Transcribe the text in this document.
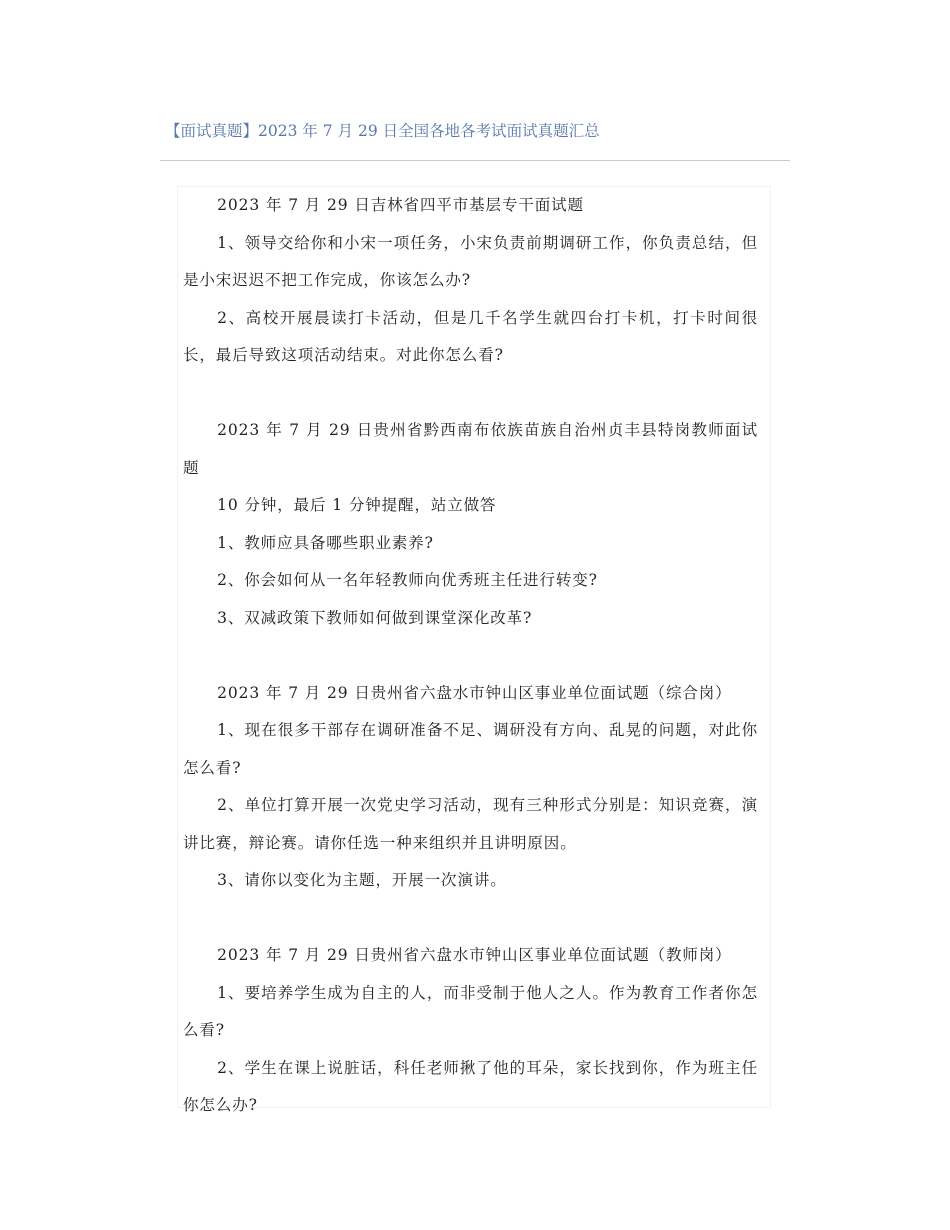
【面试真题】2023 年 7 月 29 日全国各地各考试面试真题汇总

2023 年 7 月 29 日吉林省四平市基层专干面试题

1、领导交给你和小宋一项任务，小宋负责前期调研工作，你负责总结，但是小宋迟迟不把工作完成，你该怎么办?

2、高校开展晨读打卡活动，但是几千名学生就四台打卡机，打卡时间很长，最后导致这项活动结束。对此你怎么看?

2023 年 7 月 29 日贵州省黔西南布依族苗族自治州贞丰县特岗教师面试题

10 分钟，最后 1 分钟提醒，站立做答

1、教师应具备哪些职业素养?

2、你会如何从一名年轻教师向优秀班主任进行转变?

3、双减政策下教师如何做到课堂深化改革?

2023 年 7 月 29 日贵州省六盘水市钟山区事业单位面试题（综合岗）

1、现在很多干部存在调研准备不足、调研没有方向、乱晃的问题，对此你怎么看?

2、单位打算开展一次党史学习活动，现有三种形式分别是：知识竞赛，演讲比赛，辩论赛。请你任选一种来组织并且讲明原因。

3、请你以变化为主题，开展一次演讲。

2023 年 7 月 29 日贵州省六盘水市钟山区事业单位面试题（教师岗）

1、要培养学生成为自主的人，而非受制于他人之人。作为教育工作者你怎么看?

2、学生在课上说脏话，科任老师揪了他的耳朵，家长找到你，作为班主任你怎么办?
